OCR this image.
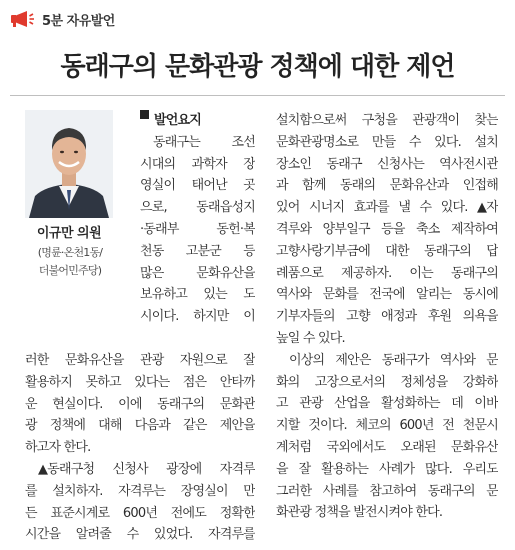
5분 자유발언
동래구의 문화관광 정책에 대한 제언
이규만 의원
(명륜·온천1동/
더불어민주당)
발언요지
동래구는 조선
시대의 과학자 장
영실이 태어난 곳
으로, 동래읍성지
·동래부	동헌·복
천동 고분군 등
많은	문화유산을
보유하고 있는 도
시이다. 하지만 이
러한 문화유산을 관광 자원으로 잘
활용하지 못하고 있다는 점은 안타까
운 현실이다. 이에 동래구의 문화관
광 정책에 대해 다음과 같은 제안을
하고자 한다.
▲동래구청 신청사 광장에 자격루
를 설치하자. 자격루는 장영실이 만
든 표준시계로 600년 전에도 정확한
시간을 알려줄 수 있었다. 자격루를
설치함으로써 구청을 관광객이 찾는
문화관광명소로 만들 수 있다. 설치
장소인 동래구 신청사는 역사전시관
과 함께 동래의 문화유산과 인접해
있어 시너지 효과를 낼 수 있다. ▲자
격루와 양부일구 등을 축소 제작하여
고향사랑기부금에 대한 동래구의 답
례품으로 제공하자. 이는 동래구의
역사와 문화를 전국에 알리는 동시에
기부자들의 고향 애정과 후원 의욕을
높일 수 있다.
이상의 제안은 동래구가 역사와 문
화의 고장으로서의 정체성을 강화하
고 관광 산업을 활성화하는 데 이바
지할 것이다. 체코의 600년 전 천문시
계처럼 국외에서도 오래된 문화유산
을 잘 활용하는 사례가 많다. 우리도
그러한 사례를 참고하여 동래구의 문
화관광 정책을 발전시켜야 한다.
